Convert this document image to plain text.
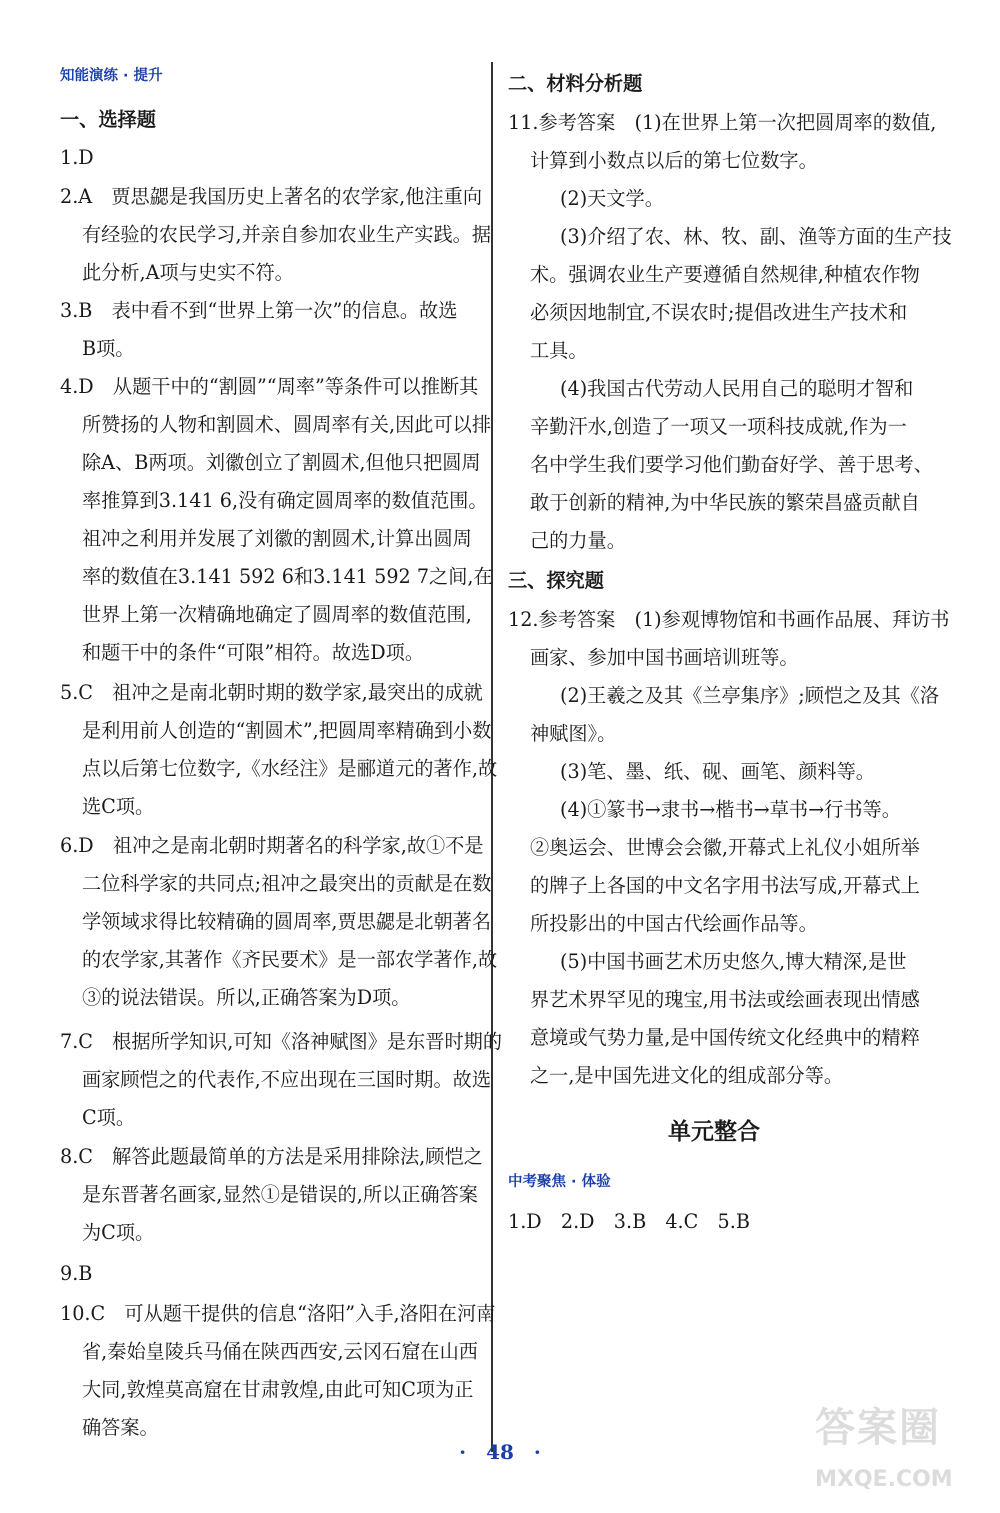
知能演练 · 提升
一、选择题
1.D
2.A　贾思勰是我国历史上著名的农学家,他注重向
有经验的农民学习,并亲自参加农业生产实践。据
此分析,A项与史实不符。
3.B　表中看不到“世界上第一次”的信息。故选
B项。
4.D　从题干中的“割圆”“周率”等条件可以推断其
所赞扬的人物和割圆术、圆周率有关,因此可以排
除A、B两项。刘徽创立了割圆术,但他只把圆周
率推算到3.141 6,没有确定圆周率的数值范围。
祖冲之利用并发展了刘徽的割圆术,计算出圆周
率的数值在3.141 592 6和3.141 592 7之间,在
世界上第一次精确地确定了圆周率的数值范围,
和题干中的条件“可限”相符。故选D项。
5.C　祖冲之是南北朝时期的数学家,最突出的成就
是利用前人创造的“割圆术”,把圆周率精确到小数
点以后第七位数字,《水经注》是郦道元的著作,故
选C项。
6.D　祖冲之是南北朝时期著名的科学家,故①不是
二位科学家的共同点;祖冲之最突出的贡献是在数
学领域求得比较精确的圆周率,贾思勰是北朝著名
的农学家,其著作《齐民要术》是一部农学著作,故
③的说法错误。所以,正确答案为D项。
7.C　根据所学知识,可知《洛神赋图》是东晋时期的
画家顾恺之的代表作,不应出现在三国时期。故选
C项。
8.C　解答此题最简单的方法是采用排除法,顾恺之
是东晋著名画家,显然①是错误的,所以正确答案
为C项。
9.B
10.C　可从题干提供的信息“洛阳”入手,洛阳在河南
省,秦始皇陵兵马俑在陕西西安,云冈石窟在山西
大同,敦煌莫高窟在甘肃敦煌,由此可知C项为正
确答案。
二、材料分析题
11.参考答案　(1)在世界上第一次把圆周率的数值,
计算到小数点以后的第七位数字。
(2)天文学。
(3)介绍了农、林、牧、副、渔等方面的生产技
术。强调农业生产要遵循自然规律,种植农作物
必须因地制宜,不误农时;提倡改进生产技术和
工具。
(4)我国古代劳动人民用自己的聪明才智和
辛勤汗水,创造了一项又一项科技成就,作为一
名中学生我们要学习他们勤奋好学、善于思考、
敢于创新的精神,为中华民族的繁荣昌盛贡献自
己的力量。
三、探究题
12.参考答案　(1)参观博物馆和书画作品展、拜访书
画家、参加中国书画培训班等。
(2)王羲之及其《兰亭集序》;顾恺之及其《洛
神赋图》。
(3)笔、墨、纸、砚、画笔、颜料等。
(4)①篆书→隶书→楷书→草书→行书等。
②奥运会、世博会会徽,开幕式上礼仪小姐所举
的牌子上各国的中文名字用书法写成,开幕式上
所投影出的中国古代绘画作品等。
(5)中国书画艺术历史悠久,博大精深,是世
界艺术界罕见的瑰宝,用书法或绘画表现出情感
意境或气势力量,是中国传统文化经典中的精粹
之一,是中国先进文化的组成部分等。
单元整合
中考聚焦 · 体验
1.D　2.D　3.B　4.C　5.B
·　48　·
答案圈
MXQE.COM
